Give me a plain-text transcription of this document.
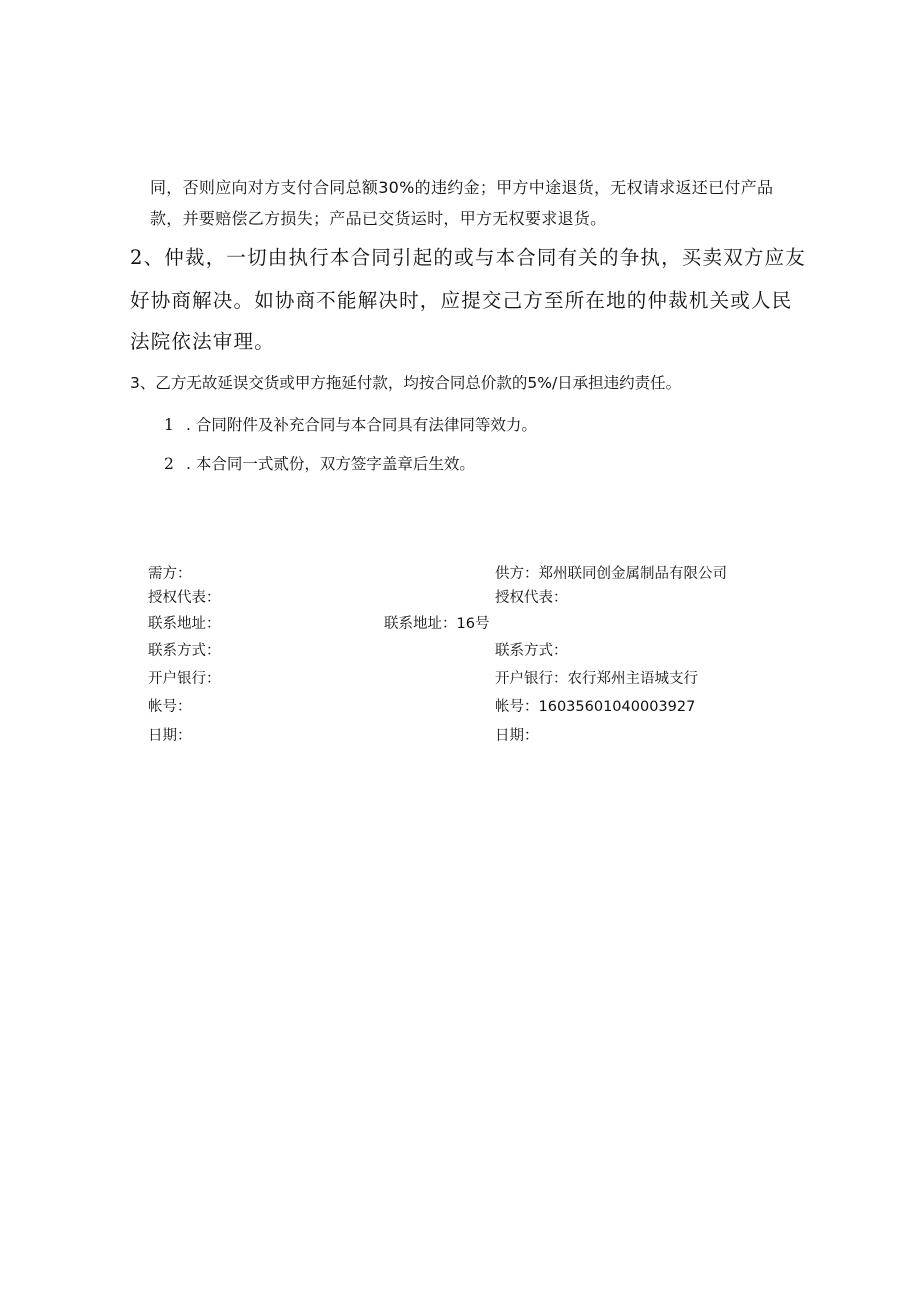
同，否则应向对方支付合同总额30%的违约金；甲方中途退货，无权请求返还已付产品
款，并要赔偿乙方损失；产品已交货运时，甲方无权要求退货。
2、仲裁，一切由执行本合同引起的或与本合同有关的争执，买卖双方应友
好协商解决。如协商不能解决时，应提交己方至所在地的仲裁机关或人民
法院依法审理。
3、乙方无故延误交货或甲方拖延付款，均按合同总价款的5%/日承担违约责任。
1 . 合同附件及补充合同与本合同具有法律同等效力。
2 . 本合同一式贰份，双方签字盖章后生效。
需方：
授权代表：
联系地址：
联系方式：
开户银行：
帐号：
日期：
供方：郑州联同创金属制品有限公司
授权代表：
联系地址：16号
联系方式：
开户银行：农行郑州主语城支行
帐号：16035601040003927
日期：
